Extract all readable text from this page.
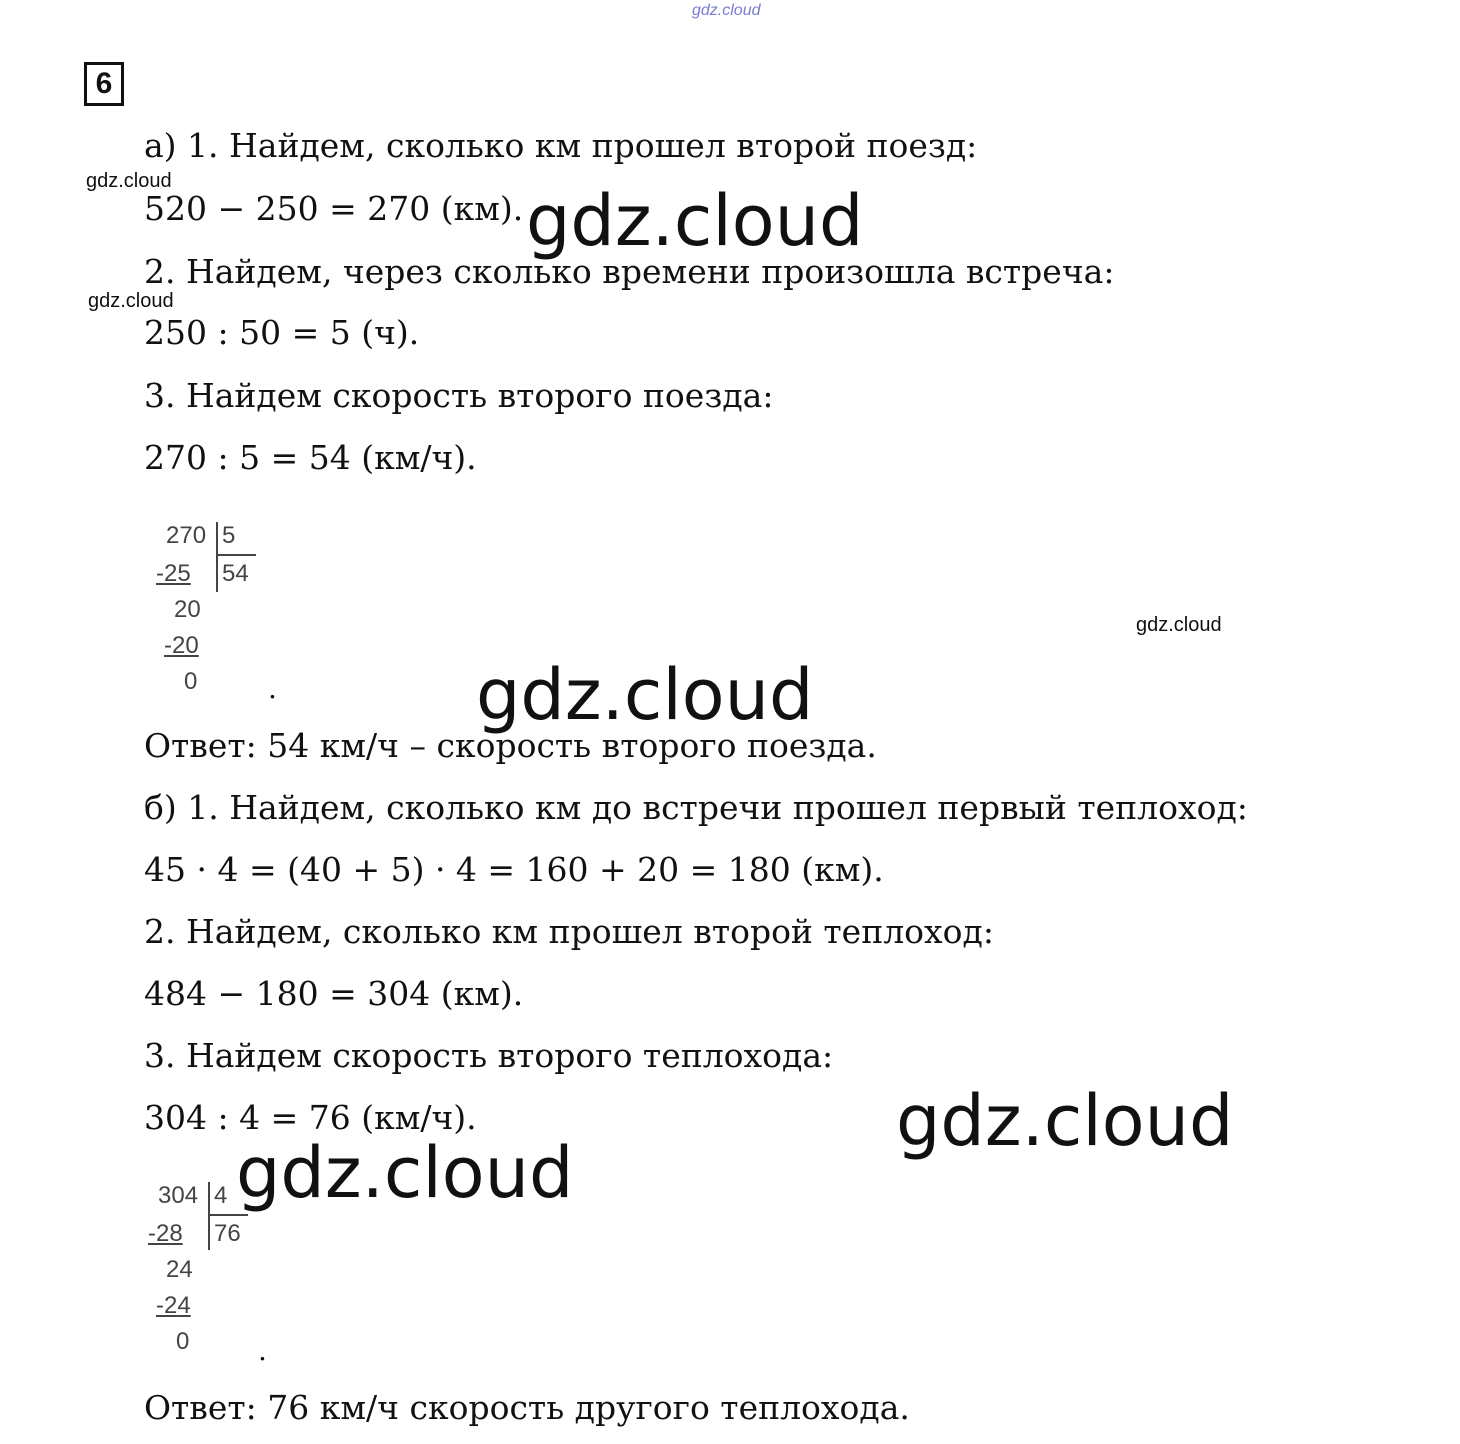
gdz.cloud
6
а) 1. Найдем, сколько км прошел второй поезд:
520 − 250 = 270 (км).
2. Найдем, через сколько времени произошла встреча:
250 : 50 = 5 (ч).
3. Найдем скорость второго поезда:
270 : 5 = 54 (км/ч).
270 5
-25 54
20
-20
0	.
Ответ: 54 км/ч – скорость второго поезда.
б) 1. Найдем, сколько км до встречи прошел первый теплоход:
45 · 4 = (40 + 5) · 4 = 160 + 20 = 180 (км).
2. Найдем, сколько км прошел второй теплоход:
484 − 180 = 304 (км).
3. Найдем скорость второго теплохода:
304 : 4 = 76 (км/ч).
304 4
-28 76
24
-24
0 .
Ответ: 76 км/ч скорость другого теплохода.
gdz.cloud
gdz.cloud
gdz.cloud
gdz.cloud
gdz.cloud
gdz.cloud
gdz.cloud
